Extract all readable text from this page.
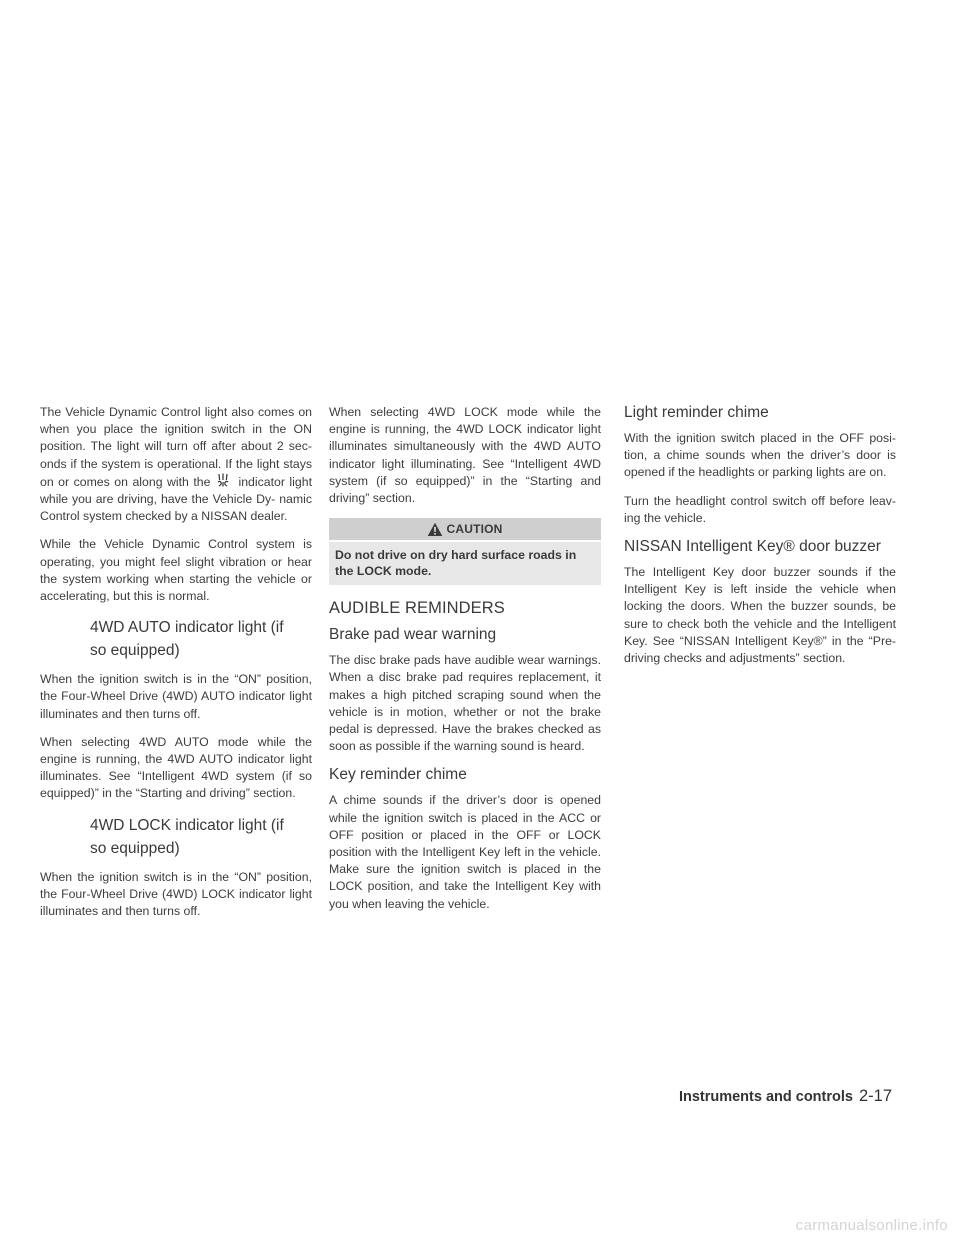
The Vehicle Dynamic Control light also comes on when you place the ignition switch in the ON position. The light will turn off after about 2 sec- onds if the system is operational. If the light stays on or comes on along with the indicator light while you are driving, have the Vehicle Dy- namic Control system checked by a NISSAN dealer.

While the Vehicle Dynamic Control system is operating, you might feel slight vibration or hear the system working when starting the vehicle or accelerating, but this is normal.

4WD AUTO indicator light (if
so equipped)

When the ignition switch is in the “ON” position, the Four-Wheel Drive (4WD) AUTO indicator light illuminates and then turns off.

When selecting 4WD AUTO mode while the engine is running, the 4WD AUTO indicator light illuminates. See “Intelligent 4WD system (if so equipped)” in the “Starting and driving” section.

4WD LOCK indicator light (if
so equipped)

When the ignition switch is in the “ON” position, the Four-Wheel Drive (4WD) LOCK indicator light illuminates and then turns off.

When selecting 4WD LOCK mode while the engine is running, the 4WD LOCK indicator light illuminates simultaneously with the 4WD AUTO indicator light illuminating. See “Intelligent 4WD system (if so equipped)” in the “Starting and driving” section.

CAUTION
Do not drive on dry hard surface roads in the LOCK mode.
AUDIBLE REMINDERS
Brake pad wear warning

The disc brake pads have audible wear warnings. When a disc brake pad requires replacement, it makes a high pitched scraping sound when the vehicle is in motion, whether or not the brake pedal is depressed. Have the brakes checked as soon as possible if the warning sound is heard.

Key reminder chime

A chime sounds if the driver’s door is opened while the ignition switch is placed in the ACC or OFF position or placed in the OFF or LOCK position with the Intelligent Key left in the vehicle. Make sure the ignition switch is placed in the LOCK position, and take the Intelligent Key with you when leaving the vehicle.

Light reminder chime

With the ignition switch placed in the OFF posi- tion, a chime sounds when the driver’s door is opened if the headlights or parking lights are on.

Turn the headlight control switch off before leav- ing the vehicle.

NISSAN Intelligent Key® door buzzer

The Intelligent Key door buzzer sounds if the Intelligent Key is left inside the vehicle when locking the doors. When the buzzer sounds, be sure to check both the vehicle and the Intelligent Key. See “NISSAN Intelligent Key®” in the “Pre- driving checks and adjustments” section.

Instruments and controls 2-17
carmanualsonline.info
